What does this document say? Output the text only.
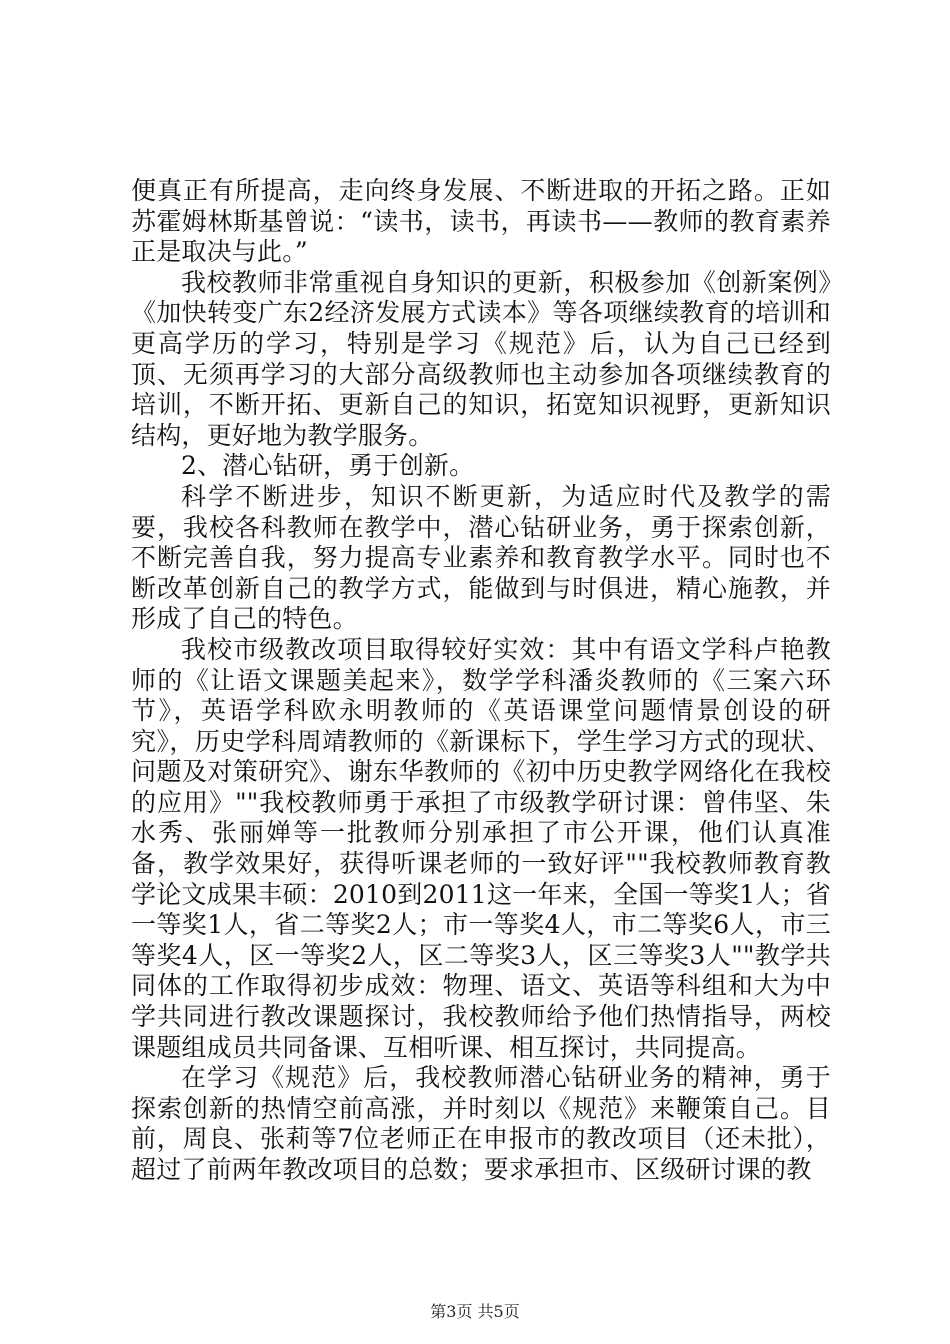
便真正有所提高，走向终身发展、不断进取的开拓之路。正如苏霍姆林斯基曾说：“读书，读书，再读书——教师的教育素养正是取决与此。”

我校教师非常重视自身知识的更新，积极参加《创新案例》《加快转变广东2经济发展方式读本》等各项继续教育的培训和更高学历的学习，特别是学习《规范》后，认为自己已经到顶、无须再学习的大部分高级教师也主动参加各项继续教育的培训，不断开拓、更新自己的知识，拓宽知识视野，更新知识结构，更好地为教学服务。

2、潜心钻研，勇于创新。

科学不断进步，知识不断更新，为适应时代及教学的需要，我校各科教师在教学中，潜心钻研业务，勇于探索创新，不断完善自我，努力提高专业素养和教育教学水平。同时也不断改革创新自己的教学方式，能做到与时俱进，精心施教，并形成了自己的特色。

我校市级教改项目取得较好实效：其中有语文学科卢艳教师的《让语文课题美起来》，数学学科潘炎教师的《三案六环节》，英语学科欧永明教师的《英语课堂问题情景创设的研究》，历史学科周靖教师的《新课标下，学生学习方式的现状、问题及对策研究》、谢东华教师的《初中历史教学网络化在我校的应用》""我校教师勇于承担了市级教学研讨课：曾伟坚、朱水秀、张丽婵等一批教师分别承担了市公开课，他们认真准备，教学效果好，获得听课老师的一致好评""我校教师教育教学论文成果丰硕：2010到2011这一年来，全国一等奖1人；省一等奖1人，省二等奖2人；市一等奖4人，市二等奖6人，市三等奖4人，区一等奖2人，区二等奖3人，区三等奖3人""教学共同体的工作取得初步成效：物理、语文、英语等科组和大为中学共同进行教改课题探讨，我校教师给予他们热情指导，两校课题组成员共同备课、互相听课、相互探讨，共同提高。

在学习《规范》后，我校教师潜心钻研业务的精神，勇于探索创新的热情空前高涨，并时刻以《规范》来鞭策自己。目前，周良、张莉等7位老师正在申报市的教改项目（还未批），超过了前两年教改项目的总数；要求承担市、区级研讨课的教

第3页 共5页
